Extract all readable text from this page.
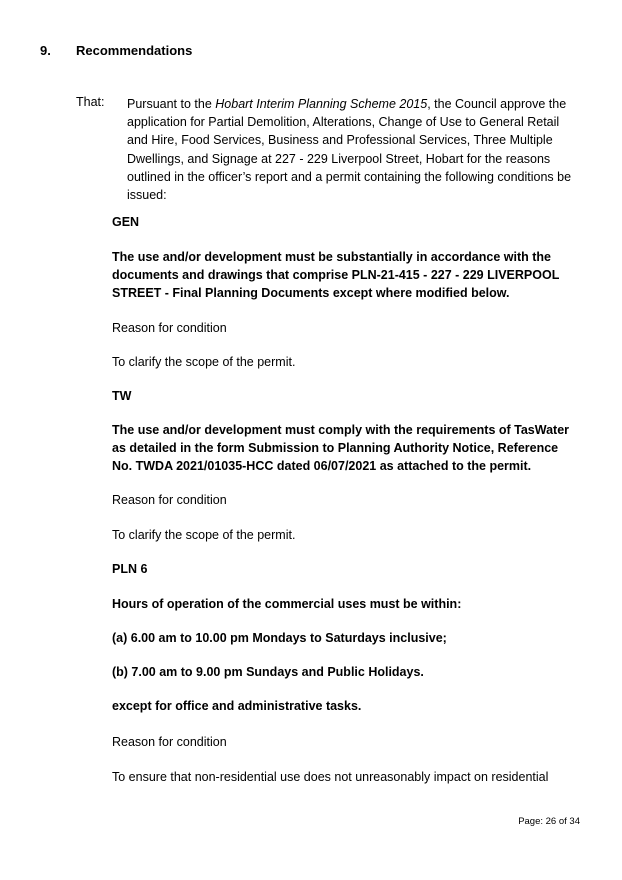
9. Recommendations
That: Pursuant to the Hobart Interim Planning Scheme 2015, the Council approve the application for Partial Demolition, Alterations, Change of Use to General Retail and Hire, Food Services, Business and Professional Services, Three Multiple Dwellings, and Signage at 227 - 229 Liverpool Street, Hobart for the reasons outlined in the officer’s report and a permit containing the following conditions be issued:
GEN
The use and/or development must be substantially in accordance with the documents and drawings that comprise PLN-21-415 - 227 - 229 LIVERPOOL STREET - Final Planning Documents except where modified below.
Reason for condition
To clarify the scope of the permit.
TW
The use and/or development must comply with the requirements of TasWater as detailed in the form Submission to Planning Authority Notice, Reference No. TWDA 2021/01035-HCC dated 06/07/2021 as attached to the permit.
Reason for condition
To clarify the scope of the permit.
PLN 6
Hours of operation of the commercial uses must be within:
(a) 6.00 am to 10.00 pm Mondays to Saturdays inclusive;
(b) 7.00 am to 9.00 pm Sundays and Public Holidays.
except for office and administrative tasks.
Reason for condition
To ensure that non-residential use does not unreasonably impact on residential
Page: 26 of 34
